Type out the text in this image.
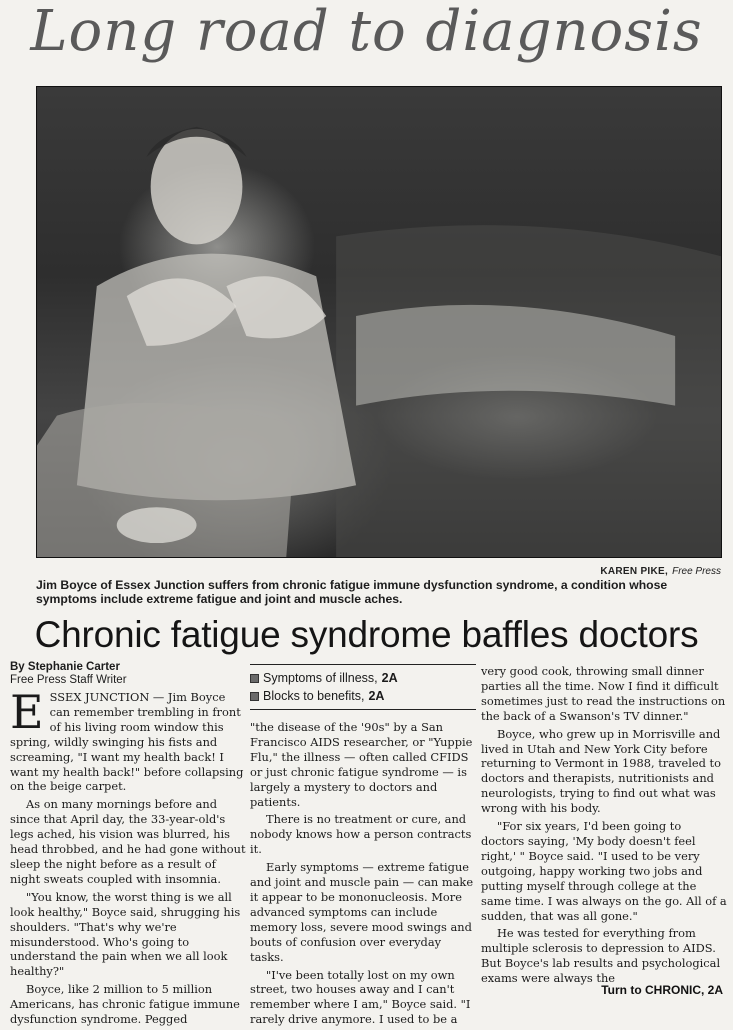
Long road to diagnosis
KAREN PIKE, Free Press
Jim Boyce of Essex Junction suffers from chronic fatigue immune dysfunction syndrome, a condition whose symptoms include extreme fatigue and joint and muscle aches.
Chronic fatigue syndrome baffles doctors
By Stephanie Carter
Free Press Staff Writer

ESSEX JUNCTION — Jim Boyce can remember trembling in front of his living room window this spring, wildly swinging his fists and screaming, "I want my health back! I want my health back!" before collapsing on the beige carpet.

As on many mornings before and since that April day, the 33-year-old's legs ached, his vision was blurred, his head throbbed, and he had gone without sleep the night before as a result of night sweats coupled with insomnia.

"You know, the worst thing is we all look healthy," Boyce said, shrugging his shoulders. "That's why we're misunderstood. Who's going to understand the pain when we all look healthy?"

Boyce, like 2 million to 5 million Americans, has chronic fatigue immune dysfunction syndrome. Pegged

Symptoms of illness, 2A
Blocks to benefits, 2A

"the disease of the '90s" by a San Francisco AIDS researcher, or "Yuppie Flu," the illness — often called CFIDS or just chronic fatigue syndrome — is largely a mystery to doctors and patients.

There is no treatment or cure, and nobody knows how a person contracts it.

Early symptoms — extreme fatigue and joint and muscle pain — can make it appear to be mononucleosis. More advanced symptoms can include memory loss, severe mood swings and bouts of confusion over everyday tasks.

"I've been totally lost on my own street, two houses away and I can't remember where I am," Boyce said. "I rarely drive anymore. I used to be a

very good cook, throwing small dinner parties all the time. Now I find it difficult sometimes just to read the instructions on the back of a Swanson's TV dinner."

Boyce, who grew up in Morrisville and lived in Utah and New York City before returning to Vermont in 1988, traveled to doctors and therapists, nutritionists and neurologists, trying to find out what was wrong with his body.

"For six years, I'd been going to doctors saying, 'My body doesn't feel right,' " Boyce said. "I used to be very outgoing, happy working two jobs and putting myself through college at the same time. I was always on the go. All of a sudden, that was all gone."

He was tested for everything from multiple sclerosis to depression to AIDS. But Boyce's lab results and psychological exams were always the

Turn to CHRONIC, 2A
